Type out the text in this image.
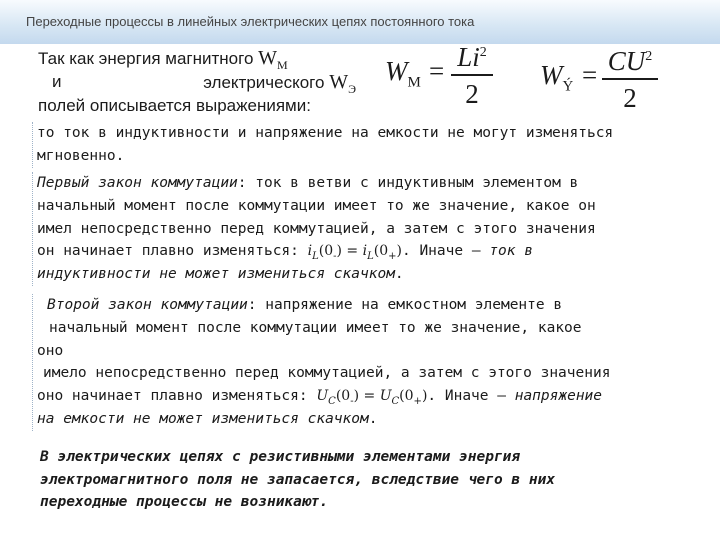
Переходные процессы в линейных электрических цепях постоянного тока
Так как энергия магнитного $W_M$
и	электрического $W_Э$
полей описывается выражениями:
$W_M = Li^2$
2
$W_Ý = CU^2$
2
то ток в индуктивности и напряжение на емкости не могут изменяться
мгновенно.
Первый закон коммутации: ток в ветви с индуктивным элементом в
начальный момент после коммутации имеет то же значение, какое он
имел непосредственно перед коммутацией, а затем с этого значения
он начинает плавно изменяться: $i_L(0_-) = i_L(0_+)$. Иначе – ток в
индуктивности не может измениться скачком.
Второй закон коммутации: напряжение на емкостном элементе в
начальный момент после коммутации имеет то же значение, какое
оно
имело непосредственно перед коммутацией, а затем с этого значения
оно начинает плавно изменяться: $U_C(0_-) = U_C(0_+)$. Иначе – напряжение
на емкости не может измениться скачком.
В электрических цепях с резистивными элементами энергия
электромагнитного поля не запасается, вследствие чего в них
переходные процессы не возникают.
